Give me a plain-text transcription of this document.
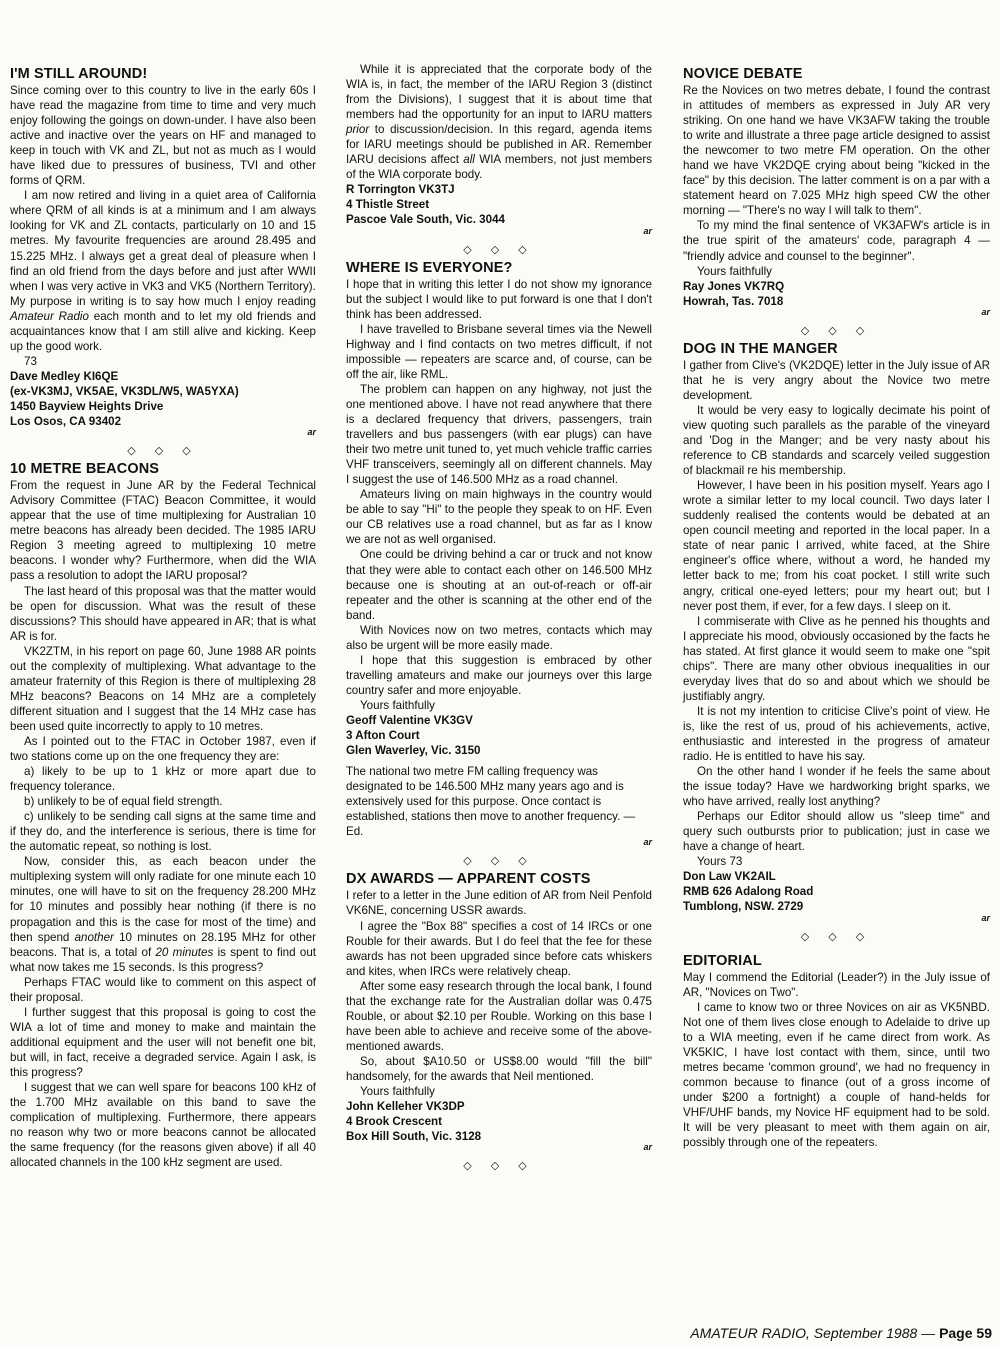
I'M STILL AROUND!

Since coming over to this country to live in the early 60s I have read the magazine from time to time and very much enjoy following the goings on down-under. I have also been active and inactive over the years on HF and managed to keep in touch with VK and ZL, but not as much as I would have liked due to pressures of business, TVI and other forms of QRM.

I am now retired and living in a quiet area of California where QRM of all kinds is at a minimum and I am always looking for VK and ZL contacts, particularly on 10 and 15 metres. My favourite frequencies are around 28.495 and 15.225 MHz. I always get a great deal of pleasure when I find an old friend from the days before and just after WWII when I was very active in VK3 and VK5 (Northern Territory).

My purpose in writing is to say how much I enjoy reading Amateur Radio each month and to let my old friends and acquaintances know that I am still alive and kicking. Keep up the good work.

73

Dave Medley KI6QE
(ex-VK3MJ, VK5AE, VK3DL/W5, WA5YXA)
1450 Bayview Heights Drive
Los Osos, CA 93402
ar
◇ ◇ ◇
10 METRE BEACONS

From the request in June AR by the Federal Technical Advisory Committee (FTAC) Beacon Committee, it would appear that the use of time multiplexing for Australian 10 metre beacons has already been decided. The 1985 IARU Region 3 meeting agreed to multiplexing 10 metre beacons. I wonder why? Furthermore, when did the WIA pass a resolution to adopt the IARU proposal?

The last heard of this proposal was that the matter would be open for discussion. What was the result of these discussions? This should have appeared in AR; that is what AR is for.

VK2ZTM, in his report on page 60, June 1988 AR points out the complexity of multiplexing. What advantage to the amateur fraternity of this Region is there of multiplexing 28 MHz beacons? Beacons on 14 MHz are a completely different situation and I suggest that the 14 MHz case has been used quite incorrectly to apply to 10 metres.

As I pointed out to the FTAC in October 1987, even if two stations come up on the one frequency they are:

a) likely to be up to 1 kHz or more apart due to frequency tolerance.

b) unlikely to be of equal field strength.

c) unlikely to be sending call signs at the same time and if they do, and the interference is serious, there is time for the automatic repeat, so nothing is lost.

Now, consider this, as each beacon under the multiplexing system will only radiate for one minute each 10 minutes, one will have to sit on the frequency 28.200 MHz for 10 minutes and possibly hear nothing (if there is no propagation and this is the case for most of the time) and then spend another 10 minutes on 28.195 MHz for other beacons. That is, a total of 20 minutes is spent to find out what now takes me 15 seconds. Is this progress?

Perhaps FTAC would like to comment on this aspect of their proposal.

I further suggest that this proposal is going to cost the WIA a lot of time and money to make and maintain the additional equipment and the user will not benefit one bit, but will, in fact, receive a degraded service. Again I ask, is this progress?

I suggest that we can well spare for beacons 100 kHz of the 1.700 MHz available on this band to save the complication of multiplexing. Furthermore, there appears no reason why two or more beacons cannot be allocated the same frequency (for the reasons given above) if all 40 allocated channels in the 100 kHz segment are used.

While it is appreciated that the corporate body of the WIA is, in fact, the member of the IARU Region 3 (distinct from the Divisions), I suggest that it is about time that members had the opportunity for an input to IARU matters prior to discussion/decision. In this regard, agenda items for IARU meetings should be published in AR. Remember IARU decisions affect all WIA members, not just members of the WIA corporate body.

R Torrington VK3TJ
4 Thistle Street
Pascoe Vale South, Vic. 3044
ar
◇ ◇ ◇
WHERE IS EVERYONE?

I hope that in writing this letter I do not show my ignorance but the subject I would like to put forward is one that I don't think has been addressed.

I have travelled to Brisbane several times via the Newell Highway and I find contacts on two metres difficult, if not impossible — repeaters are scarce and, of course, can be off the air, like RML.

The problem can happen on any highway, not just the one mentioned above. I have not read anywhere that there is a declared frequency that drivers, passengers, train travellers and bus passengers (with ear plugs) can have their two metre unit tuned to, yet much vehicle traffic carries VHF transceivers, seemingly all on different channels. May I suggest the use of 146.500 MHz as a road channel.

Amateurs living on main highways in the country would be able to say "Hi" to the people they speak to on HF. Even our CB relatives use a road channel, but as far as I know we are not as well organised.

One could be driving behind a car or truck and not know that they were able to contact each other on 146.500 MHz because one is shouting at an out-of-reach or off-air repeater and the other is scanning at the other end of the band.

With Novices now on two metres, contacts which may also be urgent will be more easily made.

I hope that this suggestion is embraced by other travelling amateurs and make our journeys over this large country safer and more enjoyable.

Yours faithfully

Geoff Valentine VK3GV
3 Afton Court
Glen Waverley, Vic. 3150

The national two metre FM calling frequency was designated to be 146.500 MHz many years ago and is extensively used for this purpose. Once contact is established, stations then move to another frequency. —Ed.

ar
◇ ◇ ◇
DX AWARDS — APPARENT COSTS

I refer to a letter in the June edition of AR from Neil Penfold VK6NE, concerning USSR awards.

I agree the "Box 88" specifies a cost of 14 IRCs or one Rouble for their awards. But I do feel that the fee for these awards has not been upgraded since before cats whiskers and kites, when IRCs were relatively cheap.

After some easy research through the local bank, I found that the exchange rate for the Australian dollar was 0.475 Rouble, or about $2.10 per Rouble. Working on this base I have been able to achieve and receive some of the above-mentioned awards.

So, about $A10.50 or US$8.00 would "fill the bill" handsomely, for the awards that Neil mentioned.

Yours faithfully

John Kelleher VK3DP
4 Brook Crescent
Box Hill South, Vic. 3128
ar
◇ ◇ ◇
NOVICE DEBATE

Re the Novices on two metres debate, I found the contrast in attitudes of members as expressed in July AR very striking. On one hand we have VK3AFW taking the trouble to write and illustrate a three page article designed to assist the newcomer to two metre FM operation. On the other hand we have VK2DQE crying about being "kicked in the face" by this decision. The latter comment is on a par with a statement heard on 7.025 MHz high speed CW the other morning — "There's no way I will talk to them".

To my mind the final sentence of VK3AFW's article is in the true spirit of the amateurs' code, paragraph 4 — "friendly advice and counsel to the beginner".

Yours faithfully

Ray Jones VK7RQ
Howrah, Tas. 7018
ar
◇ ◇ ◇
DOG IN THE MANGER

I gather from Clive's (VK2DQE) letter in the July issue of AR that he is very angry about the Novice two metre development.

It would be very easy to logically decimate his point of view quoting such parallels as the parable of the vineyard and 'Dog in the Manger; and be very nasty about his reference to CB standards and scarcely veiled suggestion of blackmail re his membership.

However, I have been in his position myself. Years ago I wrote a similar letter to my local council. Two days later I suddenly realised the contents would be debated at an open council meeting and reported in the local paper. In a state of near panic I arrived, white faced, at the Shire engineer's office where, without a word, he handed my letter back to me; from his coat pocket. I still write such angry, critical one-eyed letters; pour my heart out; but I never post them, if ever, for a few days. I sleep on it.

I commiserate with Clive as he penned his thoughts and I appreciate his mood, obviously occasioned by the facts he has stated. At first glance it would seem to make one "spit chips". There are many other obvious inequalities in our everyday lives that do so and about which we should be justifiably angry.

It is not my intention to criticise Clive's point of view. He is, like the rest of us, proud of his achievements, active, enthusiastic and interested in the progress of amateur radio. He is entitled to have his say.

On the other hand I wonder if he feels the same about the issue today? Have we hardworking bright sparks, we who have arrived, really lost anything?

Perhaps our Editor should allow us "sleep time" and query such outbursts prior to publication; just in case we have a change of heart.

Yours 73

Don Law VK2AIL
RMB 626 Adalong Road
Tumblong, NSW. 2729
ar
◇ ◇ ◇
EDITORIAL

May I commend the Editorial (Leader?) in the July issue of AR, "Novices on Two".

I came to know two or three Novices on air as VK5NBD. Not one of them lives close enough to Adelaide to drive up to a WIA meeting, even if he came direct from work. As VK5KIC, I have lost contact with them, since, until two metres became 'common ground', we had no frequency in common because to finance (out of a gross income of under $200 a fortnight) a couple of hand-helds for VHF/UHF bands, my Novice HF equipment had to be sold. It will be very pleasant to meet with them again on air, possibly through one of the repeaters.

AMATEUR RADIO, September 1988 — Page 59
